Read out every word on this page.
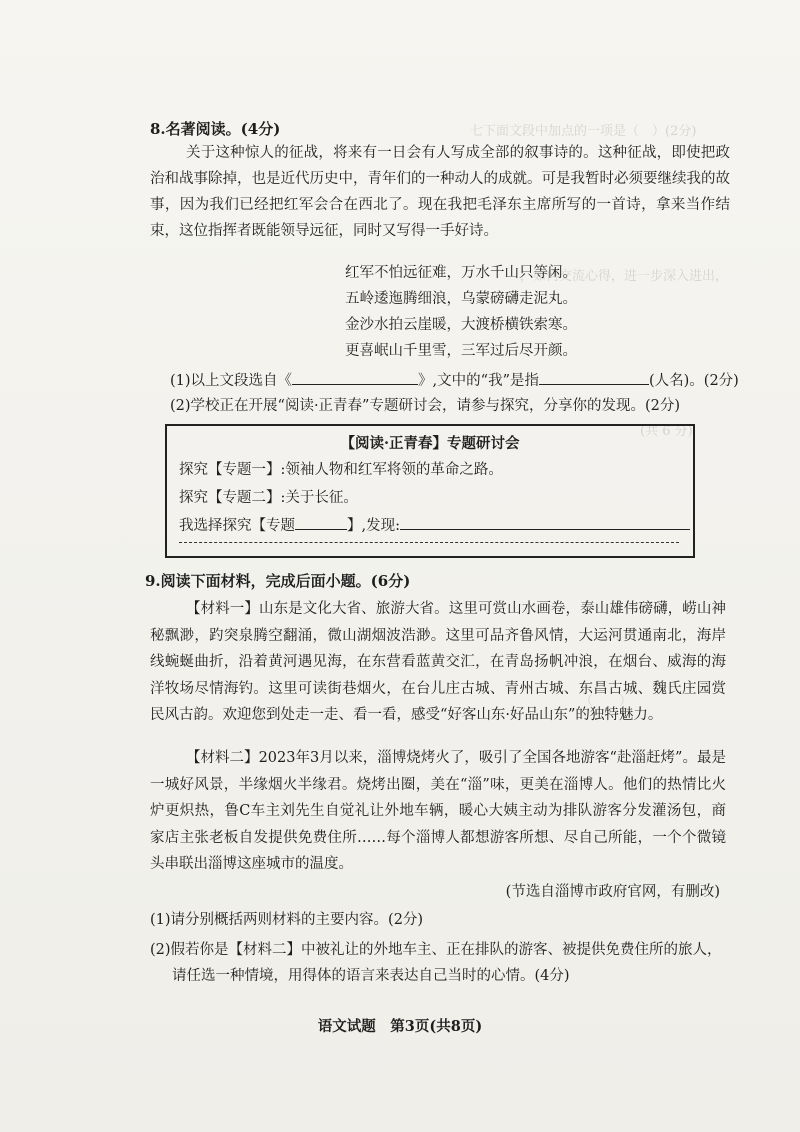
七下面文段中加点的一项是（　）(2分)
，如何交流心得，进一步深入进出，
(共 6 分)
（　　）
8.名著阅读。(4分)
关于这种惊人的征战，将来有一日会有人写成全部的叙事诗的。这种征战，即使把政治和战事除掉，也是近代历史中，青年们的一种动人的成就。可是我暂时必须要继续我的故事，因为我们已经把红军会合在西北了。现在我把毛泽东主席所写的一首诗，拿来当作结束，这位指挥者既能领导远征，同时又写得一手好诗。
红军不怕远征难，万水千山只等闲。
五岭逶迤腾细浪，乌蒙磅礴走泥丸。
金沙水拍云崖暖，大渡桥横铁索寒。
更喜岷山千里雪，三军过后尽开颜。
(1)以上文段选自《	》,文中的“我”是指	(人名)。(2分)
(2)学校正在开展“阅读·正青春”专题研讨会，请参与探究，分享你的发现。(2分)
【阅读·正青春】专题研讨会
探究【专题一】:领袖人物和红军将领的革命之路。
探究【专题二】:关于长征。
我选择探究【专题	】,发现:
9.阅读下面材料，完成后面小题。(6分)
【材料一】山东是文化大省、旅游大省。这里可赏山水画卷，泰山雄伟磅礴，崂山神秘飘渺，趵突泉腾空翻涌，微山湖烟波浩渺。这里可品齐鲁风情，大运河贯通南北，海岸线蜿蜒曲折，沿着黄河遇见海，在东营看蓝黄交汇，在青岛扬帆冲浪，在烟台、威海的海洋牧场尽情海钓。这里可读街巷烟火，在台儿庄古城、青州古城、东昌古城、魏氏庄园赏民风古韵。欢迎您到处走一走、看一看，感受“好客山东·好品山东”的独特魅力。
【材料二】2023年3月以来，淄博烧烤火了，吸引了全国各地游客“赴淄赶烤”。最是一城好风景，半缘烟火半缘君。烧烤出圈，美在“淄”味，更美在淄博人。他们的热情比火炉更炽热，鲁C车主刘先生自觉礼让外地车辆，暖心大姨主动为排队游客分发灌汤包，商家店主张老板自发提供免费住所……每个淄博人都想游客所想、尽自己所能，一个个微镜头串联出淄博这座城市的温度。
(节选自淄博市政府官网，有删改)
(1)请分别概括两则材料的主要内容。(2分)
(2)假若你是【材料二】中被礼让的外地车主、正在排队的游客、被提供免费住所的旅人，
请任选一种情境，用得体的语言来表达自己当时的心情。(4分)
语文试题　第3页(共8页)
